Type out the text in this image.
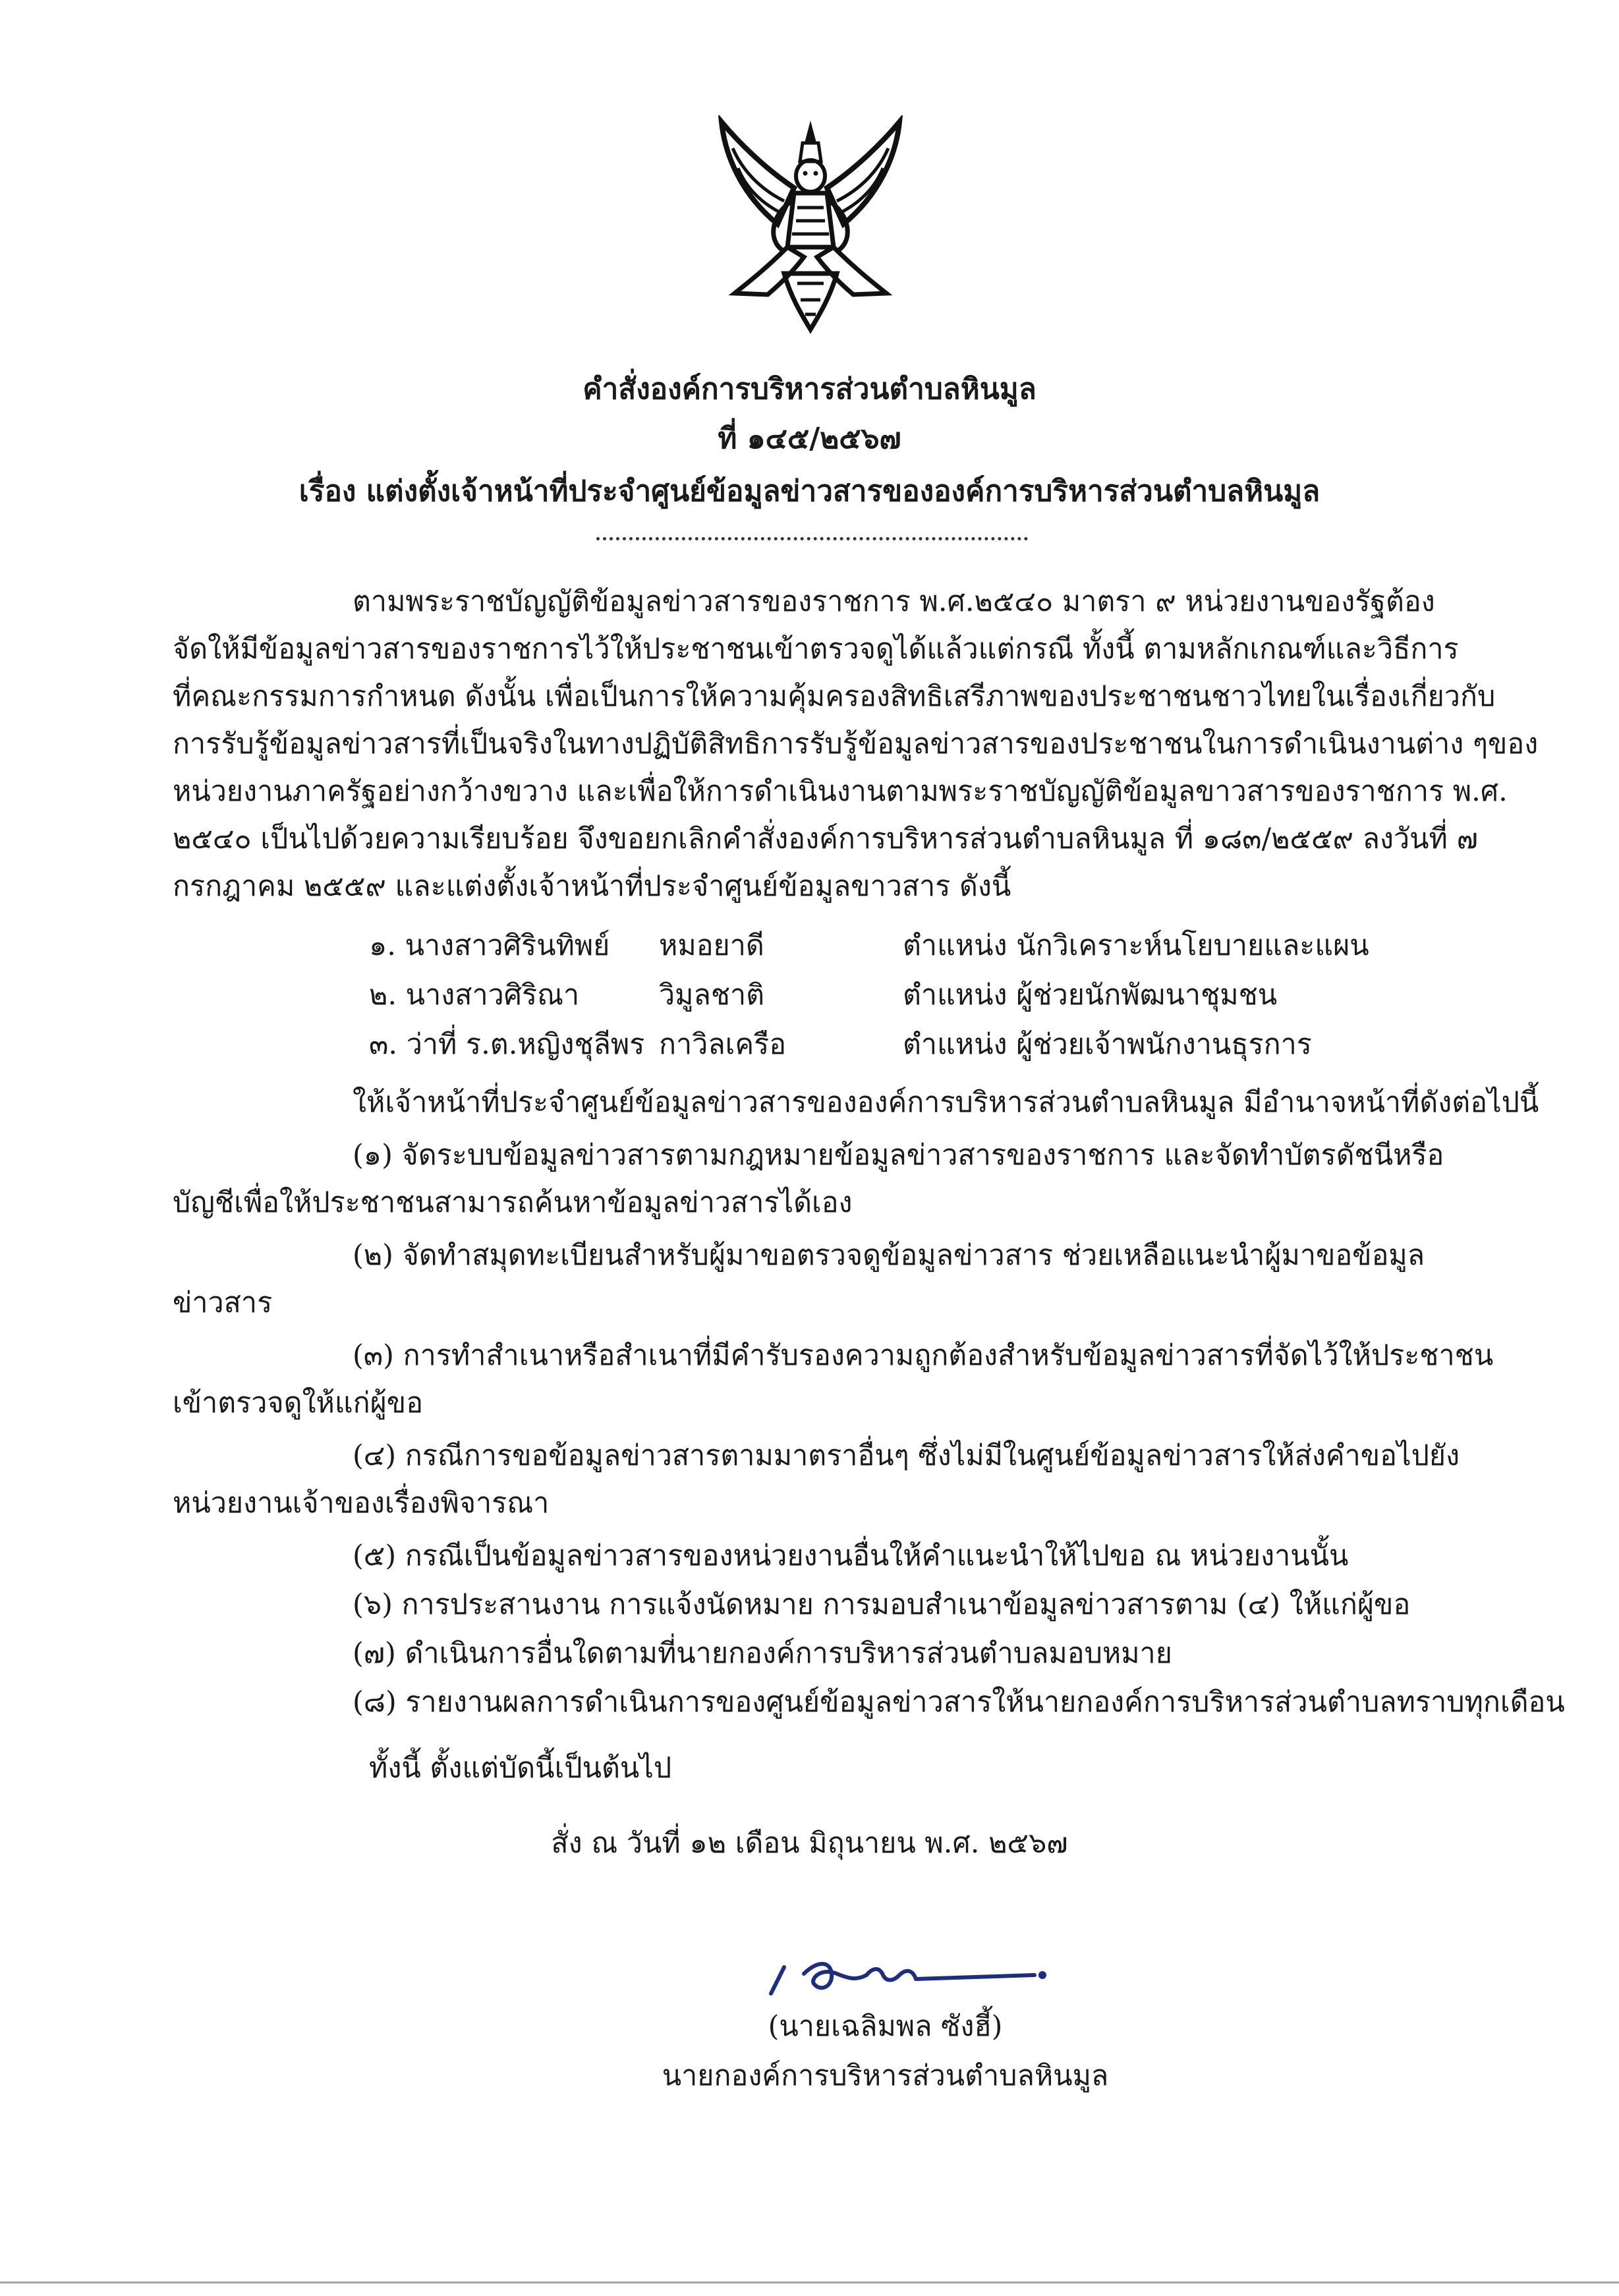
คำสั่งองค์การบริหารส่วนตำบลหินมูล
ที่ ๑๔๕/๒๕๖๗
เรื่อง แต่งตั้งเจ้าหน้าที่ประจำศูนย์ข้อมูลข่าวสารขององค์การบริหารส่วนตำบลหินมูล
ตามพระราชบัญญัติข้อมูลข่าวสารของราชการ พ.ศ.๒๕๔๐ มาตรา ๙ หน่วยงานของรัฐต้อง
จัดให้มีข้อมูลข่าวสารของราชการไว้ให้ประชาชนเข้าตรวจดูได้แล้วแต่กรณี ทั้งนี้ ตามหลักเกณฑ์และวิธีการ
ที่คณะกรรมการกำหนด ดังนั้น เพื่อเป็นการให้ความคุ้มครองสิทธิเสรีภาพของประชาชนชาวไทยในเรื่องเกี่ยวกับ
การรับรู้ข้อมูลข่าวสารที่เป็นจริงในทางปฏิบัติสิทธิการรับรู้ข้อมูลข่าวสารของประชาชนในการดำเนินงานต่าง ๆของ
หน่วยงานภาครัฐอย่างกว้างขวาง และเพื่อให้การดำเนินงานตามพระราชบัญญัติข้อมูลขาวสารของราชการ พ.ศ.
๒๕๔๐ เป็นไปด้วยความเรียบร้อย จึงขอยกเลิกคำสั่งองค์การบริหารส่วนตำบลหินมูล ที่ ๑๘๓/๒๕๕๙ ลงวันที่ ๗
กรกฎาคม ๒๕๕๙ และแต่งตั้งเจ้าหน้าที่ประจำศูนย์ข้อมูลขาวสาร ดังนี้
๑. นางสาวศิรินทิพย์ หมอยาดี	ตำแหน่ง นักวิเคราะห์นโยบายและแผน
๒. นางสาวศิริณา	วิมูลชาติ	ตำแหน่ง ผู้ช่วยนักพัฒนาชุมชน
๓. ว่าที่ ร.ต.หญิงชุลีพร กาวิลเครือ	ตำแหน่ง ผู้ช่วยเจ้าพนักงานธุรการ
ให้เจ้าหน้าที่ประจำศูนย์ข้อมูลข่าวสารขององค์การบริหารส่วนตำบลหินมูล มีอำนาจหน้าที่ดังต่อไปนี้
(๑) จัดระบบข้อมูลข่าวสารตามกฎหมายข้อมูลข่าวสารของราชการ และจัดทำบัตรดัชนีหรือ
บัญชีเพื่อให้ประชาชนสามารถค้นหาข้อมูลข่าวสารได้เอง
(๒) จัดทำสมุดทะเบียนสำหรับผู้มาขอตรวจดูข้อมูลข่าวสาร ช่วยเหลือแนะนำผู้มาขอข้อมูล
ข่าวสาร
(๓) การทำสำเนาหรือสำเนาที่มีคำรับรองความถูกต้องสำหรับข้อมูลข่าวสารที่จัดไว้ให้ประชาชน
เข้าตรวจดูให้แก่ผู้ขอ
(๔) กรณีการขอข้อมูลข่าวสารตามมาตราอื่นๆ ซึ่งไม่มีในศูนย์ข้อมูลข่าวสารให้ส่งคำขอไปยัง
หน่วยงานเจ้าของเรื่องพิจารณา
(๕) กรณีเป็นข้อมูลข่าวสารของหน่วยงานอื่นให้คำแนะนำให้ไปขอ ณ หน่วยงานนั้น
(๖) การประสานงาน การแจ้งนัดหมาย การมอบสำเนาข้อมูลข่าวสารตาม (๔) ให้แก่ผู้ขอ
(๗) ดำเนินการอื่นใดตามที่นายกองค์การบริหารส่วนตำบลมอบหมาย
(๘) รายงานผลการดำเนินการของศูนย์ข้อมูลข่าวสารให้นายกองค์การบริหารส่วนตำบลทราบทุกเดือน
ทั้งนี้ ตั้งแต่บัดนี้เป็นต้นไป
สั่ง ณ วันที่ ๑๒ เดือน มิถุนายน พ.ศ. ๒๕๖๗
(นายเฉลิมพล ซังฮี้)
นายกองค์การบริหารส่วนตำบลหินมูล
